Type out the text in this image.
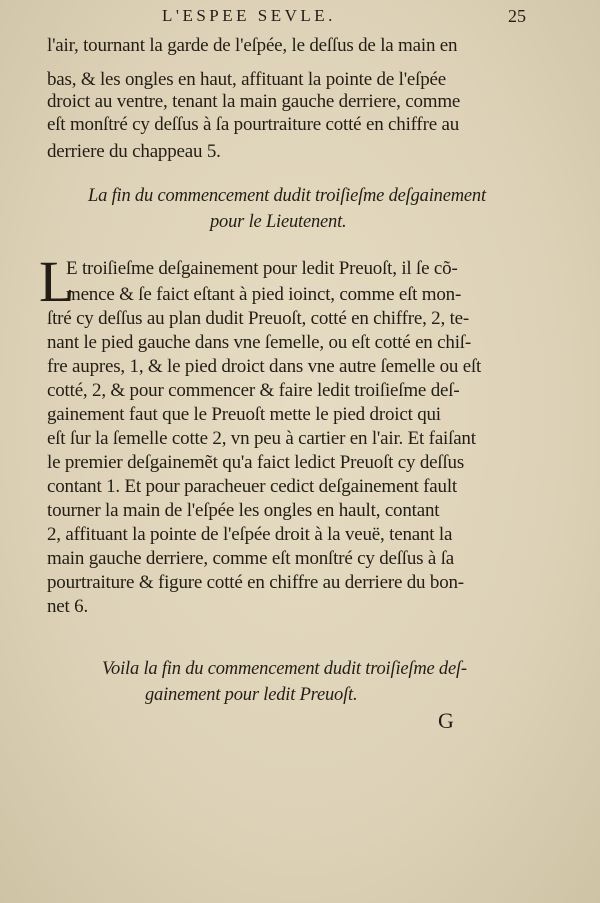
L'ESPEE SEVLE.	25
l'air, tournant la garde de l'eſpée, le deſſus de la main en
bas, & les ongles en haut, affituant la pointe de l'eſpée
droict au ventre, tenant la main gauche derriere, comme
eſt monſtré cy deſſus à ſa pourtraiture cotté en chiffre au
derriere du chappeau 5.
La fin du commencement dudit troiſieſme deſgainement
pour le Lieutenent.
L
E troiſieſme deſgainement pour ledit Preuoſt, il ſe cõ-
mence & ſe faict eſtant à pied ioinct, comme eſt mon-
ſtré cy deſſus au plan dudit Preuoſt, cotté en chiffre, 2, te-
nant le pied gauche dans vne ſemelle, ou eſt cotté en chiſ-
fre aupres, 1, & le pied droict dans vne autre ſemelle ou eſt
cotté, 2, & pour commencer & faire ledit troiſieſme deſ-
gainement faut que le Preuoſt mette le pied droict qui
eſt ſur la ſemelle cotte 2, vn peu à cartier en l'air. Et faiſant
le premier deſgainemẽt qu'a faict ledict Preuoſt cy deſſus
contant 1. Et pour paracheuer cedict deſgainement fault
tourner la main de l'eſpée les ongles en hault, contant
2, affituant la pointe de l'eſpée droit à la veuë, tenant la
main gauche derriere, comme eſt monſtré cy deſſus à ſa
pourtraiture & figure cotté en chiffre au derriere du bon-
net 6.
Voila la fin du commencement dudit troiſieſme deſ-
gainement pour ledit Preuoſt.
G
